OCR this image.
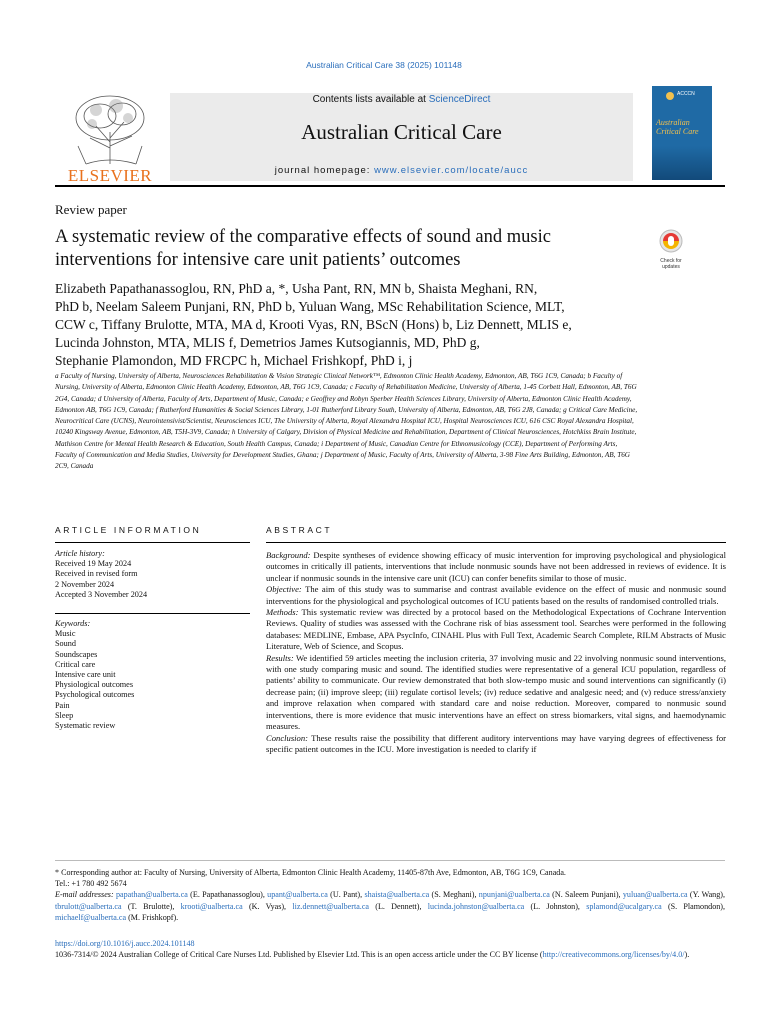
Australian Critical Care 38 (2025) 101148
ELSEVIER
Contents lists available at ScienceDirect
Australian Critical Care
journal homepage: www.elsevier.com/locate/aucc
ACCCN
Australian
Critical Care
Review paper
A systematic review of the comparative effects of sound and music interventions for intensive care unit patients’ outcomes	Check for
updates
Elizabeth Papathanassoglou, RN, PhD a, *, Usha Pant, RN, MN b, Shaista Meghani, RN,
PhD b, Neelam Saleem Punjani, RN, PhD b, Yuluan Wang, MSc Rehabilitation Science, MLT,
CCW c, Tiffany Brulotte, MTA, MA d, Krooti Vyas, RN, BScN (Hons) b, Liz Dennett, MLIS e,
Lucinda Johnston, MTA, MLIS f, Demetrios James Kutsogiannis, MD, PhD g,
Stephanie Plamondon, MD FRCPC h, Michael Frishkopf, PhD i, j
a Faculty of Nursing, University of Alberta, Neurosciences Rehabilitation & Vision Strategic Clinical Network™, Edmonton Clinic Health Academy, Edmonton, AB, T6G 1C9, Canada; b Faculty of Nursing, University of Alberta, Edmonton Clinic Health Academy, Edmonton, AB, T6G 1C9, Canada; c Faculty of Rehabilitation Medicine, University of Alberta, 1-45 Corbett Hall, Edmonton, AB, T6G 2G4, Canada; d University of Alberta, Faculty of Arts, Department of Music, Canada; e Geoffrey and Robyn Sperber Health Sciences Library, University of Alberta, Edmonton Clinic Health Academy, Edmonton AB, T6G 1C9, Canada; f Rutherford Humanities & Social Sciences Library, 1-01 Rutherford Library South, University of Alberta, Edmonton, AB, T6G 2J8, Canada; g Critical Care Medicine, Neurocritical Care (UCNS), Neurointensivist/Scientist, Neurosciences ICU, The University of Alberta, Royal Alexandra Hospital ICU, Hospital Neurosciences ICU, 616 CSC Royal Alexandra Hospital, 10240 Kingsway Avenue, Edmonton, AB, T5H-3V9, Canada; h University of Calgary, Division of Physical Medicine and Rehabilitation, Department of Clinical Neurosciences, Hotchkiss Brain Institute, Mathison Centre for Mental Health Research & Education, South Health Campus, Canada; i Department of Music, Canadian Centre for Ethnomusicology (CCE), Department of Performing Arts, Faculty of Communication and Media Studies, University for Development Studies, Ghana; j Department of Music, Faculty of Arts, University of Alberta, 3-98 Fine Arts Building, Edmonton, AB, T6G 2C9, Canada
ARTICLE INFORMATION
Article history:
Received 19 May 2024
Received in revised form
2 November 2024
Accepted 3 November 2024
Keywords:
Music
Sound
Soundscapes
Critical care
Intensive care unit
Physiological outcomes
Psychological outcomes
Pain
Sleep
Systematic review
ABSTRACT

Background: Despite syntheses of evidence showing efficacy of music intervention for improving psychological and physiological outcomes in critically ill patients, interventions that include nonmusic sounds have not been addressed in reviews of evidence. It is unclear if nonmusic sounds in the intensive care unit (ICU) can confer benefits similar to those of music.

Objective: The aim of this study was to summarise and contrast available evidence on the effect of music and nonmusic sound interventions for the physiological and psychological outcomes of ICU patients based on the results of randomised controlled trials.

Methods: This systematic review was directed by a protocol based on the Methodological Expectations of Cochrane Intervention Reviews. Quality of studies was assessed with the Cochrane risk of bias assessment tool. Searches were performed in the following databases: MEDLINE, Embase, APA PsycInfo, CINAHL Plus with Full Text, Academic Search Complete, RILM Abstracts of Music Literature, Web of Science, and Scopus.

Results: We identified 59 articles meeting the inclusion criteria, 37 involving music and 22 involving nonmusic sound interventions, with one study comparing music and sound. The identified studies were representative of a general ICU population, regardless of patients’ ability to communicate. Our review demonstrated that both slow-tempo music and sound interventions can significantly (i) decrease pain; (ii) improve sleep; (iii) regulate cortisol levels; (iv) reduce sedative and analgesic need; and (v) reduce stress/anxiety and improve relaxation when compared with standard care and noise reduction. Moreover, compared to nonmusic sound interventions, there is more evidence that music interventions have an effect on stress biomarkers, vital signs, and haemodynamic measures.

Conclusion: These results raise the possibility that different auditory interventions may have varying degrees of effectiveness for specific patient outcomes in the ICU. More investigation is needed to clarify if

* Corresponding author at: Faculty of Nursing, University of Alberta, Edmonton Clinic Health Academy, 11405-87th Ave, Edmonton, AB, T6G 1C9, Canada.
Tel.: +1 780 492 5674
E-mail addresses: papathan@ualberta.ca (E. Papathanassoglou), upant@ualberta.ca (U. Pant), shaista@ualberta.ca (S. Meghani), npunjani@ualberta.ca (N. Saleem Punjani), yuluan@ualberta.ca (Y. Wang), tbrulott@ualberta.ca (T. Brulotte), krooti@ualberta.ca (K. Vyas), liz.dennett@ualberta.ca (L. Dennett), lucinda.johnston@ualberta.ca (L. Johnston), splamond@ucalgary.ca (S. Plamondon), michaelf@ualberta.ca (M. Frishkopf).
https://doi.org/10.1016/j.aucc.2024.101148
1036-7314/© 2024 Australian College of Critical Care Nurses Ltd. Published by Elsevier Ltd. This is an open access article under the CC BY license (http://creativecommons.org/licenses/by/4.0/).
